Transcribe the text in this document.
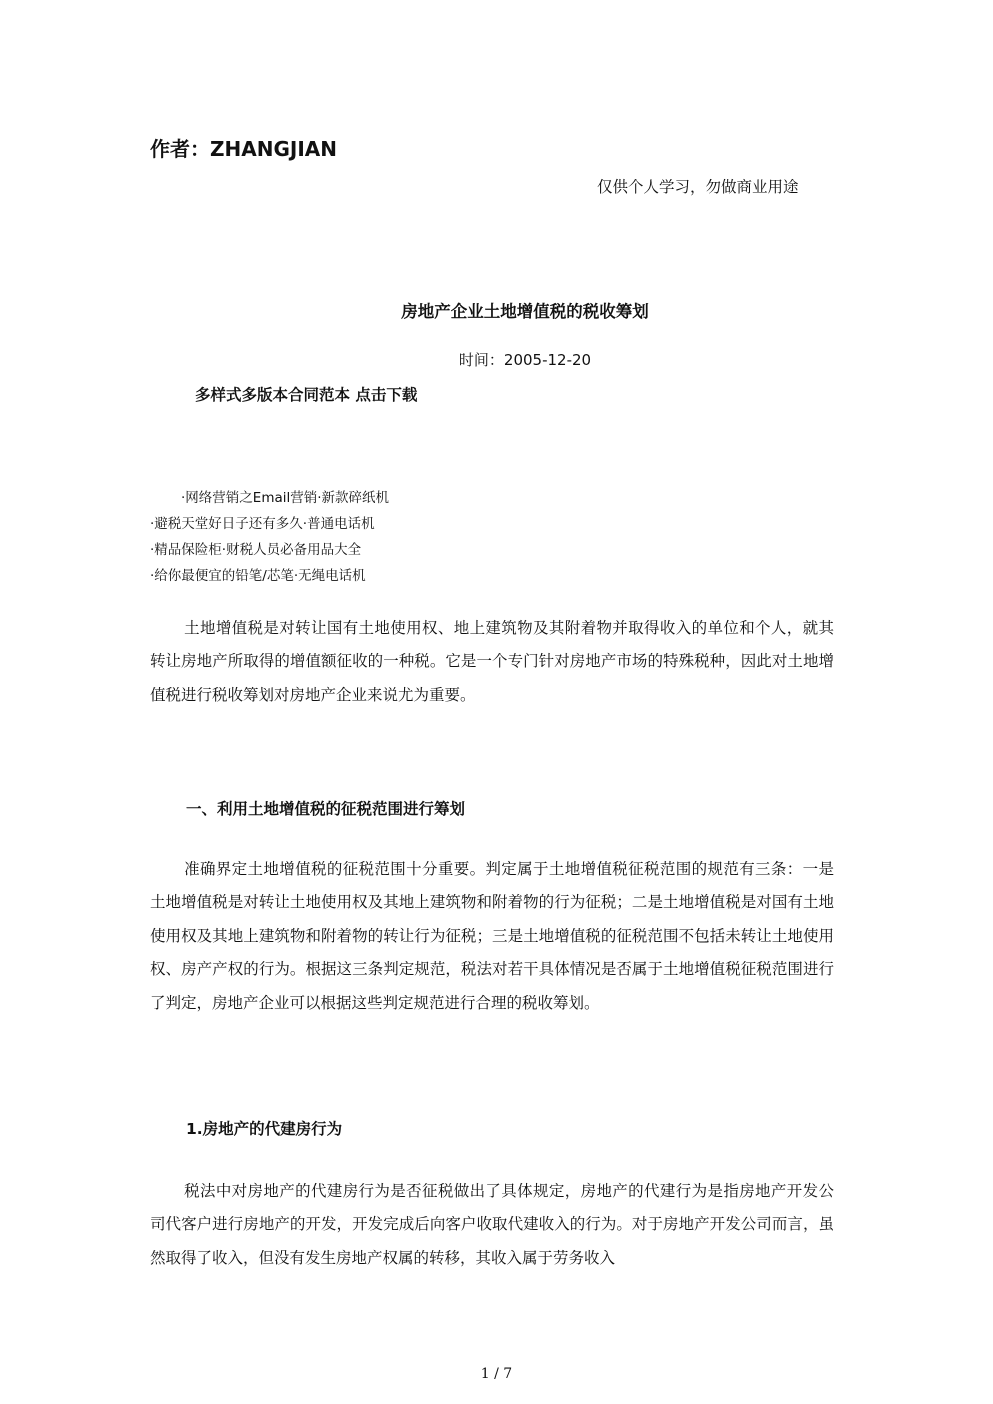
作者：ZHANGJIAN
仅供个人学习，勿做商业用途
房地产企业土地增值税的税收筹划
时间：2005-12-20
多样式多版本合同范本 点击下载
·网络营销之Email营销·新款碎纸机
·避税天堂好日子还有多久·普通电话机
·精品保险柜·财税人员必备用品大全
·给你最便宜的铅笔/芯笔·无绳电话机

土地增值税是对转让国有土地使用权、地上建筑物及其附着物并取得收入的单位和个人，就其转让房地产所取得的增值额征收的一种税。它是一个专门针对房地产市场的特殊税种，因此对土地增值税进行税收筹划对房地产企业来说尤为重要。

一、利用土地增值税的征税范围进行筹划

准确界定土地增值税的征税范围十分重要。判定属于土地增值税征税范围的规范有三条：一是土地增值税是对转让土地使用权及其地上建筑物和附着物的行为征税；二是土地增值税是对国有土地使用权及其地上建筑物和附着物的转让行为征税；三是土地增值税的征税范围不包括未转让土地使用权、房产产权的行为。根据这三条判定规范，税法对若干具体情况是否属于土地增值税征税范围进行了判定，房地产企业可以根据这些判定规范进行合理的税收筹划。

1.房地产的代建房行为

税法中对房地产的代建房行为是否征税做出了具体规定，房地产的代建行为是指房地产开发公司代客户进行房地产的开发，开发完成后向客户收取代建收入的行为。对于房地产开发公司而言，虽然取得了收入，但没有发生房地产权属的转移，其收入属于劳务收入

1 / 7
